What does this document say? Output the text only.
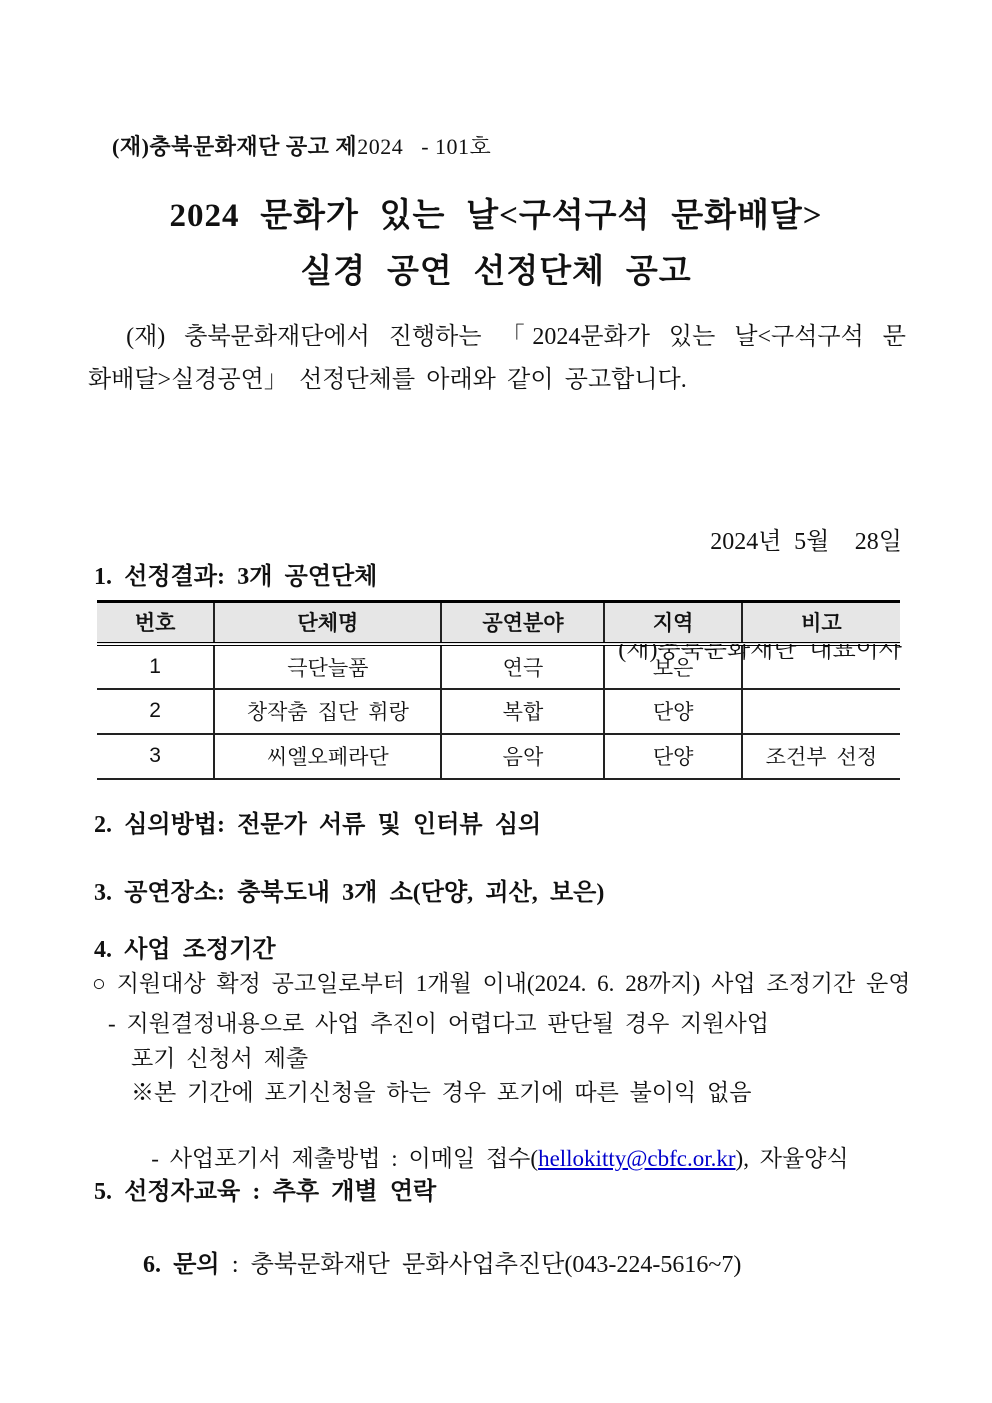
(재)충북문화재단 공고 제2024   - 101호

2024 문화가 있는 날<구석구석 문화배달>
실경 공연 선정단체 공고
(재) 충북문화재단에서 진행하는 「2024문화가 있는 날<구석구석 문
화배달>실경공연」 선정단체를 아래와 같이 공고합니다.

2024년 5월  28일

(재)충북문화재단 대표이사

1. 선정결과: 3개 공연단체
번호	단체명	공연분야	지역	비고
1	극단늘품	연극	보은	
2	창작춤 집단 휘랑	복합	단양	
3	씨엘오페라단	음악	단양	조건부 선정
2. 심의방법: 전문가 서류 및 인터뷰 심의
3. 공연장소: 충북도내 3개 소(단양, 괴산, 보은)
4. 사업 조정기간
○ 지원대상 확정 공고일로부터 1개월 이내(2024. 6. 28까지) 사업 조정기간 운영
- 지원결정내용으로 사업 추진이 어렵다고 판단될 경우 지원사업
포기 신청서 제출
※본 기간에 포기신청을 하는 경우 포기에 따른 불이익 없음

- 사업포기서 제출방법 : 이메일 접수(hellokitty@cbfc.or.kr), 자율양식

5. 선정자교육 : 추후 개별 연락

6. 문의 : 충북문화재단 문화사업추진단(043-224-5616~7)
